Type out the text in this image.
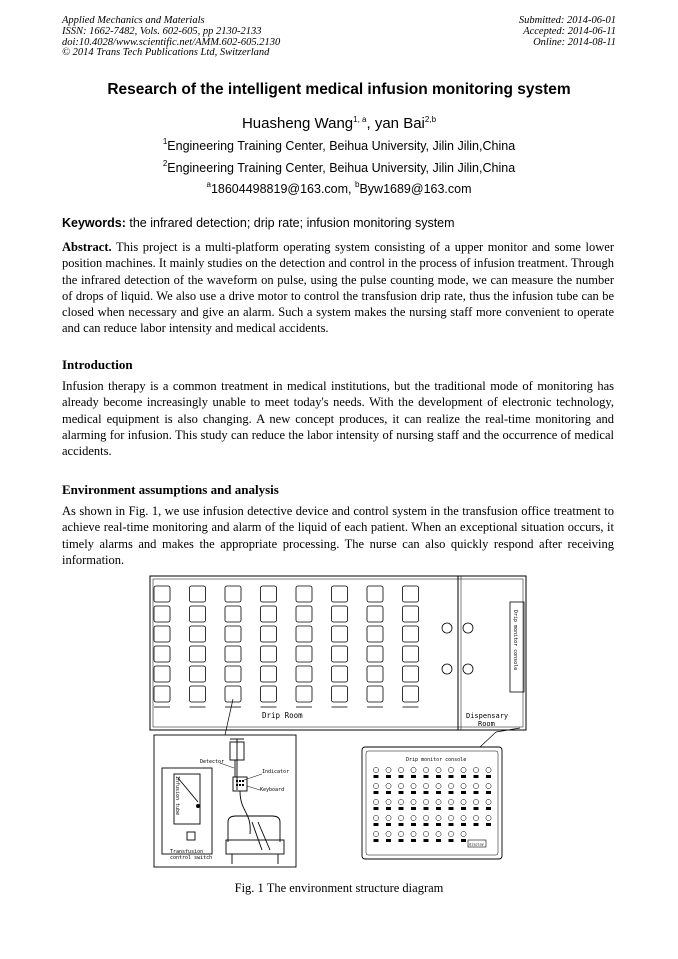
Applied Mechanics and Materials
ISSN: 1662-7482, Vols. 602-605, pp 2130-2133
doi:10.4028/www.scientific.net/AMM.602-605.2130
© 2014 Trans Tech Publications Ltd, Switzerland
Submitted: 2014-06-01
Accepted: 2014-06-11
Online: 2014-08-11
Research of the intelligent medical infusion monitoring system
Huasheng Wang$^{1, a}$, yan Bai$^{2,b}$
$^1$Engineering Training Center, Beihua University, Jilin Jilin,China
$^2$Engineering Training Center, Beihua University, Jilin Jilin,China
$^a$18604498819@163.com, $^b$Byw1689@163.com
Keywords: the infrared detection; drip rate; infusion monitoring system
Abstract. This project is a multi-platform operating system consisting of a upper monitor and some lower position machines. It mainly studies on the detection and control in the process of infusion treatment. Through the infrared detection of the waveform on pulse, using the pulse counting mode, we can measure the number of drops of liquid. We also use a drive motor to control the transfusion drip rate, thus the infusion tube can be closed when necessary and give an alarm. Such a system makes the nursing staff more convenient to operate and can reduce labor intensity and medical accidents.
Introduction
Infusion therapy is a common treatment in medical institutions, but the traditional mode of monitoring has already become increasingly unable to meet today's needs. With the development of electronic technology, medical equipment is also changing. A new concept produces, it can realize the real-time monitoring and alarming for infusion. This study can reduce the labor intensity of nursing staff and the occurrence of medical accidents.
Environment assumptions and analysis
As shown in Fig. 1, we use infusion detective device and control system in the transfusion office treatment to achieve real-time monitoring and alarm of the liquid of each patient. When an exceptional situation occurs, it timely alarms and makes the appropriate processing. The nurse can also quickly respond after receiving information.
Drip monitor console
Drip Room	Dispensary
Room
Detector
Indicator
Keyboard
Infusion tube
Transfusion
control switch
Drip monitor console
display
Fig. 1 The environment structure diagram
